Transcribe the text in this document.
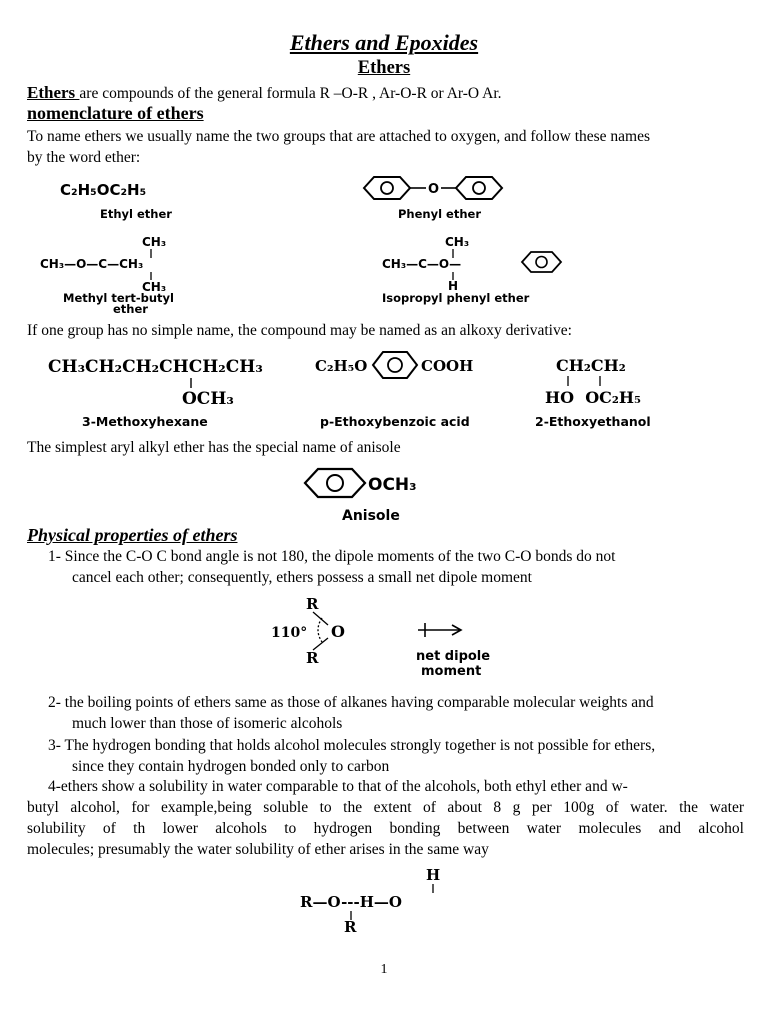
Ethers and Epoxides
Ethers
Ethers are compounds of the general formula R –O-R , Ar-O-R or Ar-O Ar.
nomenclature of ethers
To name ethers we usually name the two groups that are attached to oxygen, and follow these names
by the word ether:
C₂H₅OC₂H₅
Ethyl ether
O
Phenyl ether
CH₃
CH₃—O—C—CH₃
CH₃
Methyl tert-butyl
ether
CH₃
CH₃—C—O—
H
Isopropyl phenyl ether
CH₃CH₂CH₂CHCH₂CH₃
OCH₃
3-Methoxyhexane
C₂H₅O	COOH
p-Ethoxybenzoic acid
CH₂CH₂
HO  OC₂H₅
2-Ethoxyethanol
OCH₃
Anisole
R
110° O
R	net dipole
moment
H
R—O---H—O
R
If one group has no simple name, the compound may be named as an alkoxy derivative:
The simplest aryl alkyl ether has the special name of anisole
Physical properties of ethers
1- Since the C-O C bond angle is not 180, the dipole moments of the two C-O bonds do not
cancel each other; consequently, ethers possess a small net dipole moment
2- the boiling points of ethers same as those of alkanes having comparable molecular weights and
much lower than those of isomeric alcohols
3- The hydrogen bonding that holds alcohol molecules strongly together is not possible for ethers,
since they contain hydrogen bonded only to carbon
4-ethers show a solubility in water comparable to that of the alcohols, both ethyl ether and w-
butyl alcohol, for example,being soluble to the extent of about 8 g per 100g of water. the water
solubility of th lower alcohols to hydrogen bonding between water molecules and alcohol
molecules; presumably the water solubility of ether arises in the same way
1
